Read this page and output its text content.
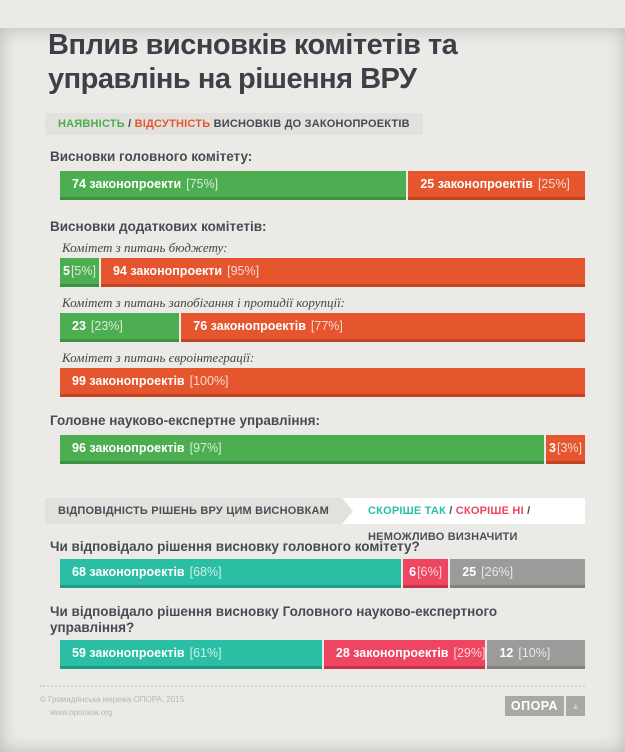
Вплив висновків комітетів та
управлінь на рішення ВРУ
НАЯВНІСТЬ / ВІДСУТНІСТЬ ВИСНОВКІВ ДО ЗАКОНОПРОЕКТІВ
Висновки головного комітету:
74 законопроекти [75%]	25 законопроектів [25%]
Висновки додаткових комітетів:
Комітет з питань бюджету:
5 [5%] 94 законопроекти [95%]
Комітет з питань запобігання і протидії корупції:
23 [23%]	76 законопроектів [77%]
Комітет з питань євроінтеграції:
99 законопроектів [100%]
Головне науково-експертне управління:
96 законопроектів [97%]	3 [3%]
ВІДПОВІДНІСТЬ РІШЕНЬ ВРУ ЦИМ ВИСНОВКАМ	СКОРІШЕ ТАК / СКОРІШЕ НІ / НЕМОЖЛИВО ВИЗНАЧИТИ
Чи відповідало рішення висновку головного комітету?
68 законопроектів [68%]	6 [6%] 25 [26%]
Чи відповідало рішення висновку Головного науково-експертного управління?
59 законопроектів [61%]	28 законопроектів [29%] 12 [10%]
© Громадянська мережа ОПОРА, 2015
www.oporaua.org	ОПОРА	▲
